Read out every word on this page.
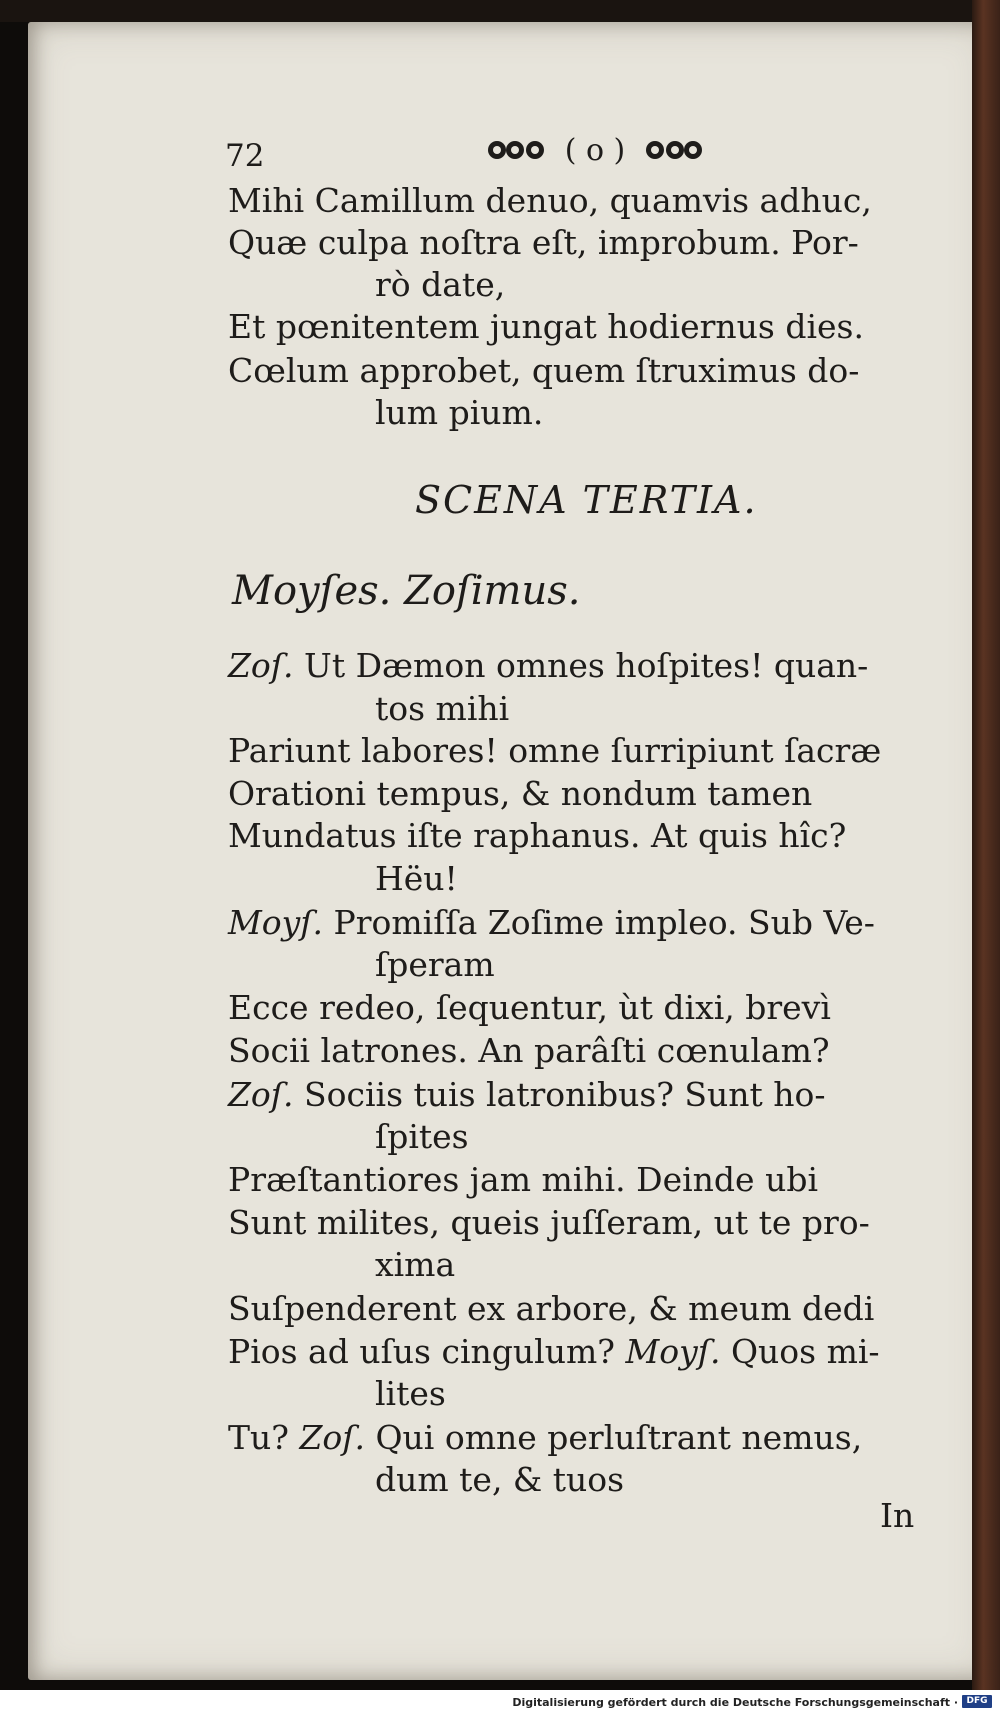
72	( o )
Mihi Camillum denuo, quamvis adhuc,
Quæ culpa noſtra eſt, improbum. Por-
rò date,
Et pœnitentem jungat hodiernus dies.
Cœlum approbet, quem ſtruximus do-
lum pium.
SCENA TERTIA.
Moyſes. Zoſimus.
Zoſ. Ut Dæmon omnes hoſpites! quan-
tos mihi
Pariunt labores! omne ſurripiunt ſacræ
Orationi tempus, & nondum tamen
Mundatus iſte raphanus. At quis hîc?
Hëu!
Moyſ. Promiſſa Zoſime impleo. Sub Ve-
ſperam
Ecce redeo, ſequentur, ùt dixi, brevì
Socii latrones. An parâſti cœnulam?
Zoſ. Sociis tuis latronibus? Sunt ho-
ſpites
Præſtantiores jam mihi. Deinde ubi
Sunt milites, queis juſſeram, ut te pro-
xima
Suſpenderent ex arbore, & meum dedi
Pios ad uſus cingulum? Moyſ. Quos mi-
lites
Tu? Zoſ. Qui omne perluſtrant nemus,
dum te, & tuos
In
Digitalisierung gefördert durch die Deutsche Forschungsgemeinschaft · DFG
